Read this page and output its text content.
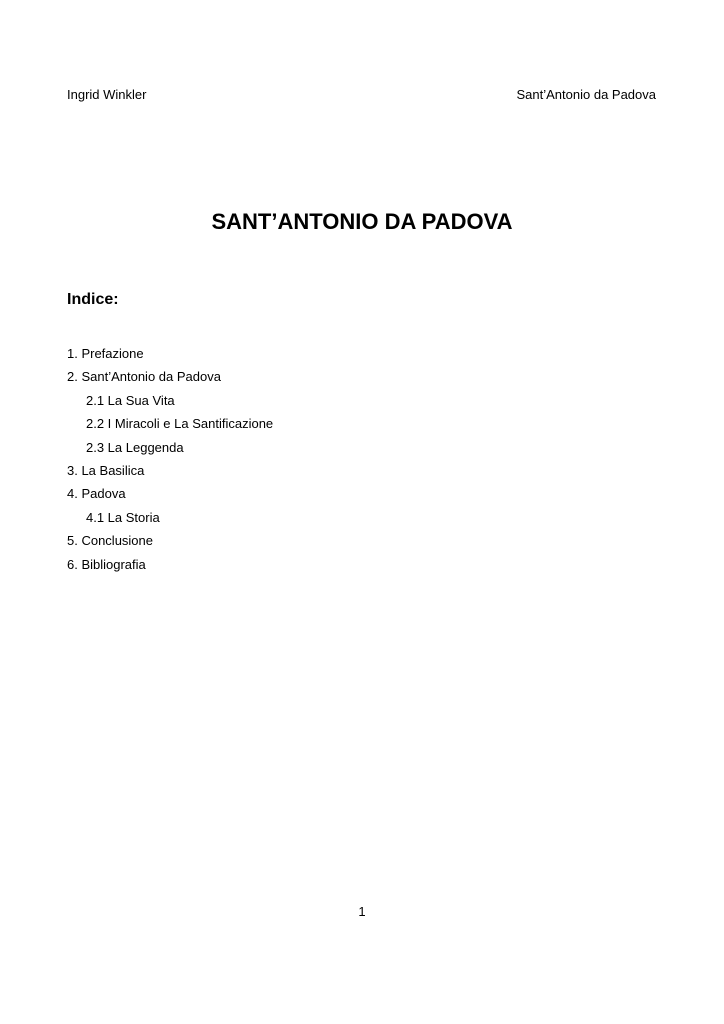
Ingrid Winkler	Sant’Antonio da Padova
SANT’ANTONIO DA PADOVA
Indice:
1. Prefazione
2. Sant’Antonio da Padova
2.1 La Sua Vita
2.2 I Miracoli e La Santificazione
2.3 La Leggenda
3. La Basilica
4. Padova
4.1 La Storia
5. Conclusione
6. Bibliografia
1
